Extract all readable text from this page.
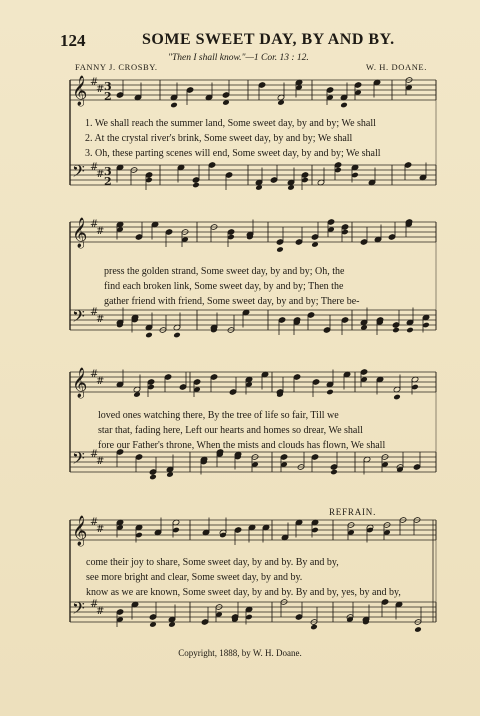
124	SOME SWEET DAY, BY AND BY.
"Then I shall know."—1 Cor. 13 : 12.
FANNY J. CROSBY.	W. H. DOANE.
𝄞 #
# 3
2
𝄢 #
# 3
2
𝄞 #
#
𝄢 #
#
𝄞 #
#
𝄢 #
#
𝄞 #
#
𝄢 #
#
1. We shall reach the summer land, Some sweet day, by and by; We shall
2. At the crystal river's brink, Some sweet day, by and by; We shall
3. Oh, these parting scenes will end, Some sweet day, by and by; We shall
press the golden strand, Some sweet day, by and by; Oh, the
find each broken link, Some sweet day, by and by; Then the
gather friend with friend, Some sweet day, by and by; There be-
loved ones watching there, By the tree of life so fair, Till we
star that, fading here, Left our hearts and homes so drear, We shall
fore our Father's throne, When the mists and clouds has flown, We shall
REFRAIN.
come their joy to share, Some sweet day, by and by. By and by,
see more bright and clear, Some sweet day, by and by.
know as we are known, Some sweet day, by and by. By and by, yes, by and by,
Copyright, 1888, by W. H. Doane.
